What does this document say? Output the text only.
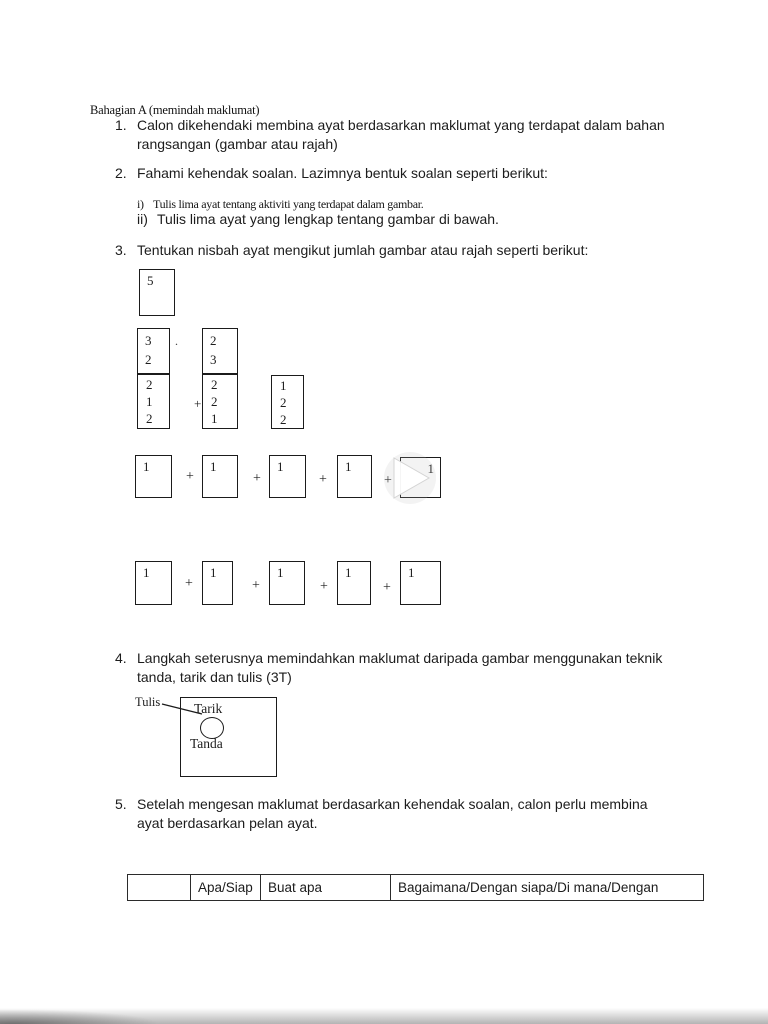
Bahagian A (memindah maklumat)
1. Calon dikehendaki membina ayat berdasarkan maklumat yang terdapat dalam bahan
rangsangan (gambar atau rajah)
2. Fahami kehendak soalan. Lazimnya bentuk soalan seperti berikut:
i) Tulis lima ayat tentang aktiviti yang terdapat dalam gambar.
ii) Tulis lima ayat yang lengkap tentang gambar di bawah.
3. Tentukan nisbah ayat mengikut jumlah gambar atau rajah seperti berikut:
5
3
2
. 2
3
2
1
2
+
2
2
1
1
2
2
1
+
1
+
1
+
1
1
+
1
+
1
+
1
+
1
4. Langkah seterusnya memindahkan maklumat daripada gambar menggunakan teknik
tanda, tarik dan tulis (3T)
Tulis Tarik
Tanda
5. Setelah mengesan maklumat berdasarkan kehendak soalan, calon perlu membina
ayat berdasarkan pelan ayat.
Apa/Siap	Buat apa	Bagaimana/Dengan siapa/Di mana/Dengan
